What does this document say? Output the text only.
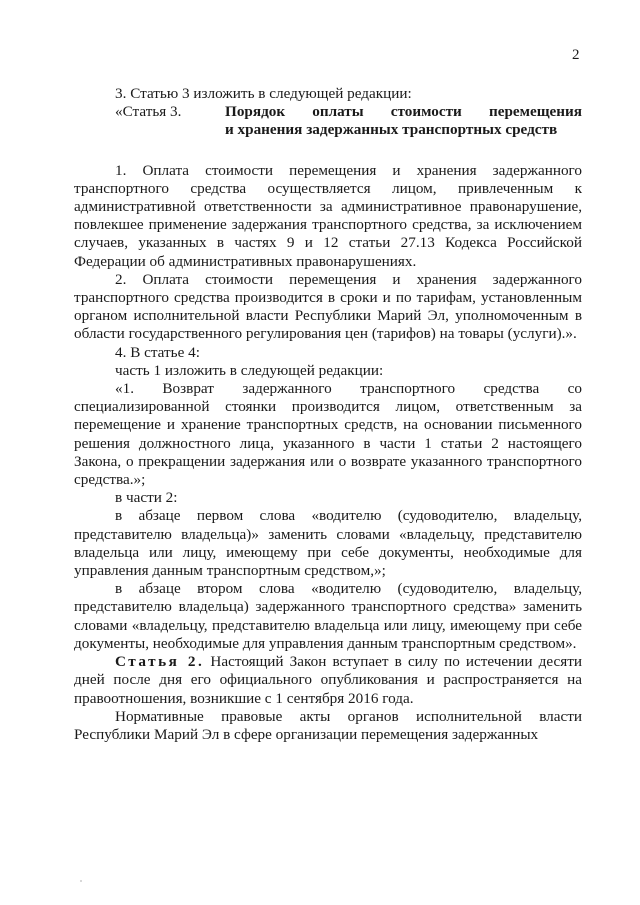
2

3. Статью 3 изложить в следующей редакции:

«Статья 3.	Порядок оплаты стоимости перемещения
и хранения задержанных транспортных средств

1. Оплата стоимости перемещения и хранения задержанного транспортного средства осуществляется лицом, привлеченным к административной ответственности за административное правонарушение, повлекшее применение задержания транспортного средства, за исключением случаев, указанных в частях 9 и 12 статьи 27.13 Кодекса Российской Федерации об административных правонарушениях.

2. Оплата стоимости перемещения и хранения задержанного транспортного средства производится в сроки и по тарифам, установленным органом исполнительной власти Республики Марий Эл, уполномоченным в области государственного регулирования цен (тарифов) на товары (услуги).».

4. В статье 4:

часть 1 изложить в следующей редакции:

«1. Возврат задержанного транспортного средства со специализированной стоянки производится лицом, ответственным за перемещение и хранение транспортных средств, на основании письменного решения должностного лица, указанного в части 1 статьи 2 настоящего Закона, о прекращении задержания или о возврате указанного транспортного средства.»;

в части 2:

в абзаце первом слова «водителю (судоводителю, владельцу, представителю владельца)» заменить словами «владельцу, представителю владельца или лицу, имеющему при себе документы, необходимые для управления данным транспортным средством,»;

в абзаце втором слова «водителю (судоводителю, владельцу, представителю владельца) задержанного транспортного средства» заменить словами «владельцу, представителю владельца или лицу, имеющему при себе документы, необходимые для управления данным транспортным средством».

Статья 2. Настоящий Закон вступает в силу по истечении десяти дней после дня его официального опубликования и распространяется на правоотношения, возникшие с 1 сентября 2016 года.

Нормативные правовые акты органов исполнительной власти Республики Марий Эл в сфере организации перемещения задержанных
